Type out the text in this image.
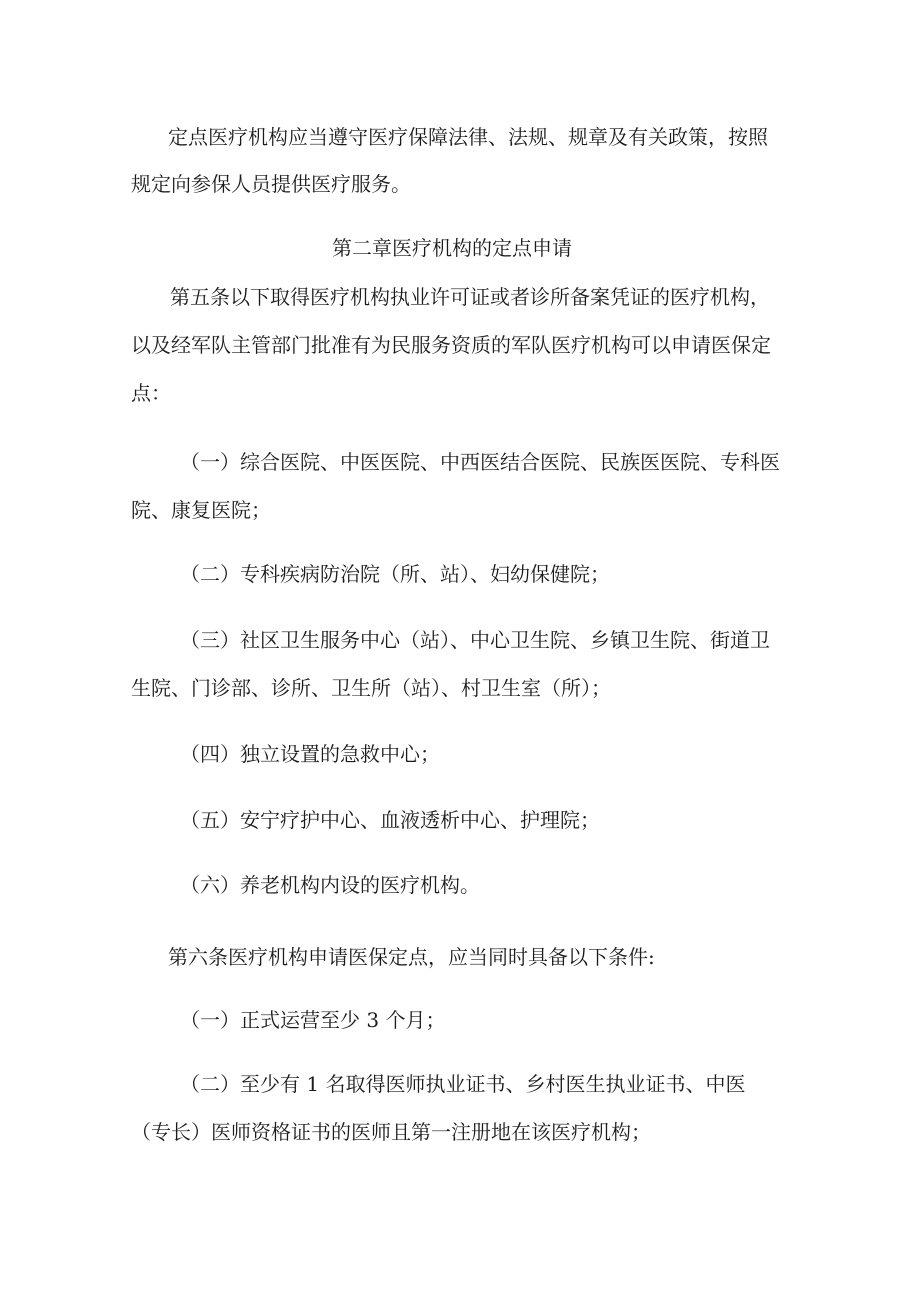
定点医疗机构应当遵守医疗保障法律、法规、规章及有关政策，按照
规定向参保人员提供医疗服务。
第二章医疗机构的定点申请
第五条以下取得医疗机构执业许可证或者诊所备案凭证的医疗机构，
以及经军队主管部门批准有为民服务资质的军队医疗机构可以申请医保定
点：
（一）综合医院、中医医院、中西医结合医院、民族医医院、专科医
院、康复医院；
（二）专科疾病防治院（所、站）、妇幼保健院；
（三）社区卫生服务中心（站）、中心卫生院、乡镇卫生院、街道卫
生院、门诊部、诊所、卫生所（站）、村卫生室（所）；
（四）独立设置的急救中心；
（五）安宁疗护中心、血液透析中心、护理院；
（六）养老机构内设的医疗机构。
第六条医疗机构申请医保定点，应当同时具备以下条件:
（一）正式运营至少 3 个月；
（二）至少有 1 名取得医师执业证书、乡村医生执业证书、中医
（专长）医师资格证书的医师且第一注册地在该医疗机构；
